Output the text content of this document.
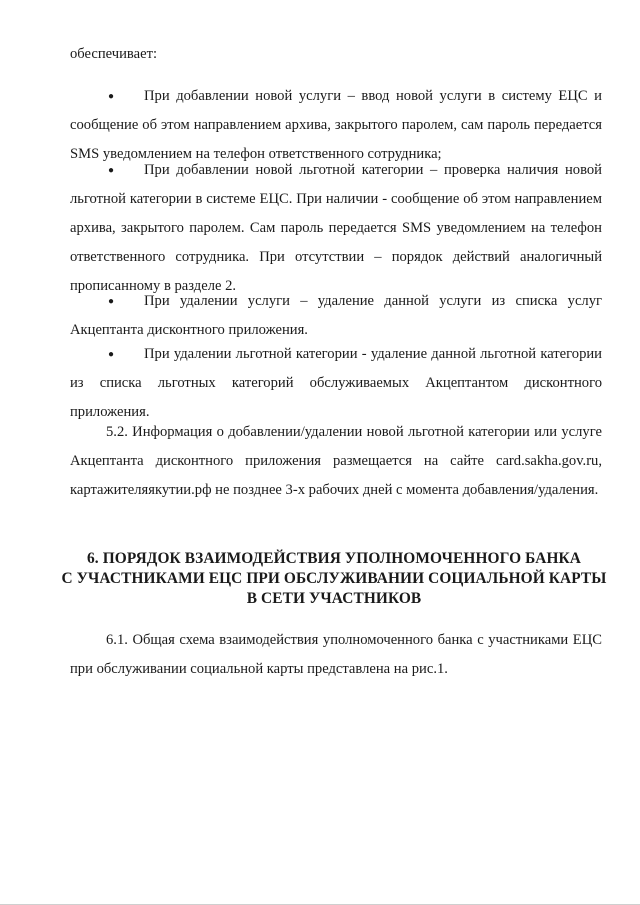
обеспечивает:

● При добавлении новой услуги – ввод новой услуги в систему ЕЦС и сообщение об этом направлением архива, закрытого паролем, сам пароль передается SMS уведомлением на телефон ответственного сотрудника;

● При добавлении новой льготной категории – проверка наличия новой льготной категории в системе ЕЦС. При наличии - сообщение об этом направлением архива, закрытого паролем. Сам пароль передается SMS уведомлением на телефон ответственного сотрудника. При отсутствии – порядок действий аналогичный прописанному в разделе 2.

● При удалении услуги – удаление данной услуги из списка услуг Акцептанта дисконтного приложения.

● При удалении льготной категории - удаление данной льготной категории из списка льготных категорий обслуживаемых Акцептантом дисконтного приложения.

5.2. Информация о добавлении/удалении новой льготной категории или услуге Акцептанта дисконтного приложения размещается на сайте card.sakha.gov.ru, картажителяякутии.рф не позднее 3-х рабочих дней с момента добавления/удаления.

6. ПОРЯДОК ВЗАИМОДЕЙСТВИЯ УПОЛНОМОЧЕННОГО БАНКА
С УЧАСТНИКАМИ ЕЦС ПРИ ОБСЛУЖИВАНИИ СОЦИАЛЬНОЙ КАРТЫ
В СЕТИ УЧАСТНИКОВ

6.1. Общая схема взаимодействия уполномоченного банка с участниками ЕЦС при обслуживании социальной карты представлена на рис.1.
